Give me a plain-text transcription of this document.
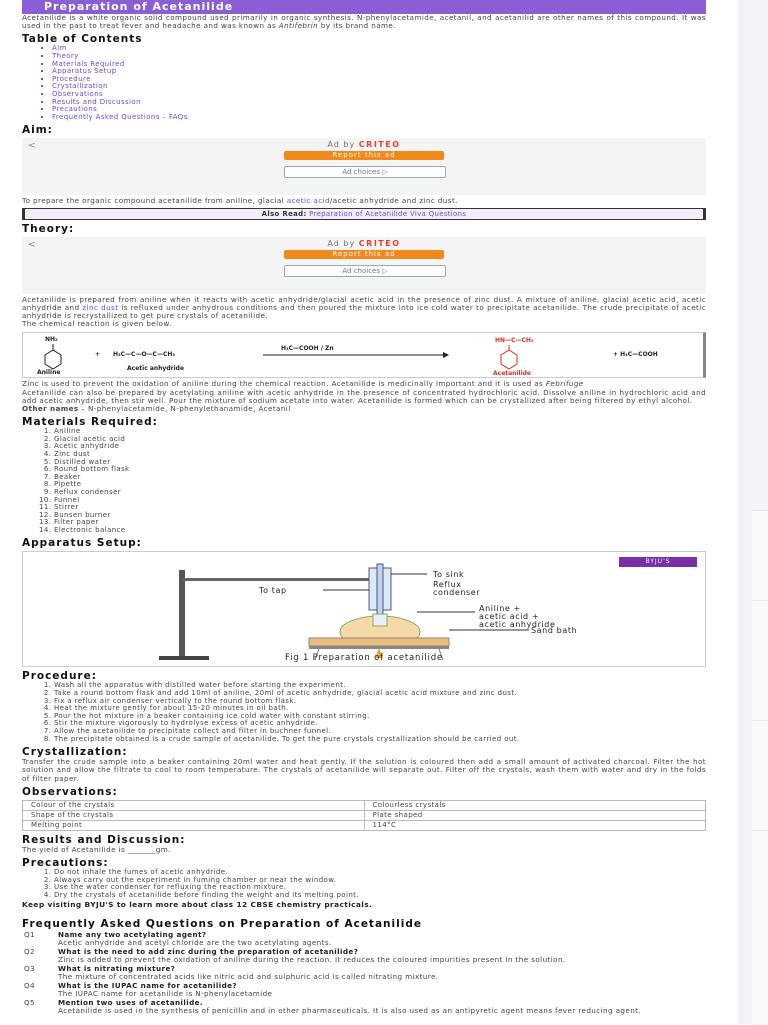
Preparation of Acetanilide

Acetanilide is a white organic solid compound used primarily in organic synthesis. N-phenylacetamide, acetanil, and acetanilid are other names of this compound. It was used in the past to treat fever and headache and was known as Antifebrin by its brand name.

Table of Contents
▪ Aim
▪ Theory
▪ Materials Required
▪ Apparatus Setup
▪ Procedure
▪ Crystallization
▪ Observations
▪ Results and Discussion
▪ Precautions
▪ Frequently Asked Questions – FAQs
Aim:
<	Ad by CRITEO
Report this ad
Ad choices ▷

To prepare the organic compound acetanilide from aniline, glacial acetic acid/acetic anhydride and zinc dust.

Also Read: Preparation of Acetanilide Viva Questions
Theory:
<	Ad by CRITEO
Report this ad
Ad choices ▷

Acetanilide is prepared from aniline when it reacts with acetic anhydride/glacial acetic acid in the presence of zinc dust. A mixture of aniline, glacial acetic acid, acetic anhydride and zinc dust is refluxed under anhydrous conditions and then poured the mixture into ice cold water to precipitate acetanilide. The crude precipitate of acetic anhydride is recrystallized to get pure crystals of acetanilide.

The chemical reaction is given below.

NH₂
Aniline
+ H₃C—C—O—C—CH₃
Acetic anhydride
H₃C—COOH / Zn
HN—C—CH₃
Acetanilide
+ H₃C—COOH

Zinc is used to prevent the oxidation of aniline during the chemical reaction. Acetanilide is medicinally important and it is used as Febrifuge

Acetanilide can also be prepared by acetylating aniline with acetic anhydride in the presence of concentrated hydrochloric acid. Dissolve aniline in hydrochloric acid and add acetic anhydride, then stir well. Pour the mixture of sodium acetate into water. Acetanilide is formed which can be crystallized after being filtered by ethyl alcohol.

Other names – N-phenylacetamide, N-phenylethanamide, Acetanil

Materials Required:
1. Aniline
2. Glacial acetic acid
3. Acetic anhydride
4. Zinc dust
5. Distilled water
6. Round bottom flask
7. Beaker
8. Pipette
9. Reflux condenser
10. Funnel
11. Stirrer
12. Bunsen burner
13. Filter paper
14. Electronic balance
Apparatus Setup:
BYJU'S
To sink
To tap
Reflux
condenser
Aniline +
acetic acid +
acetic anhydride
Sand bath
Fig 1 Preparation of acetanilide
Procedure:
1. Wash all the apparatus with distilled water before starting the experiment.
2. Take a round bottom flask and add 10ml of aniline, 20ml of acetic anhydride, glacial acetic acid mixture and zinc dust.
3. Fix a reflux air condenser vertically to the round bottom flask.
4. Heat the mixture gently for about 15-20 minutes in oil bath.
5. Pour the hot mixture in a beaker containing ice cold water with constant stirring.
6. Stir the mixture vigorously to hydrolyse excess of acetic anhydride.
7. Allow the acetanilide to precipitate collect and filter in buchner funnel.
8. The precipitate obtained is a crude sample of acetanilide. To get the pure crystals crystallization should be carried out.
Crystallization:

Transfer the crude sample into a beaker containing 20ml water and heat gently. If the solution is coloured then add a small amount of activated charcoal. Filter the hot solution and allow the filtrate to cool to room temperature. The crystals of acetanilide will separate out. Filter off the crystals, wash them with water and dry in the folds of filter paper.

Observations:
Colour of the crystals	Colourless crystals
Shape of the crystals	Plate shaped
Melting point	114°C
Results and Discussion:

The yield of Acetanilide is _______gm.

Precautions:
1. Do not inhale the fumes of acetic anhydride.
2. Always carry out the experiment in fuming chamber or near the window.
3. Use the water condenser for refluxing the reaction mixture.
4. Dry the crystals of acetanilide before finding the weight and its melting point.

Keep visiting BYJU'S to learn more about class 12 CBSE chemistry practicals.

Frequently Asked Questions on Preparation of Acetanilide
Q1	Name any two acetylating agent?
Acetic anhydride and acetyl chloride are the two acetylating agents.
Q2	What is the need to add zinc during the preparation of acetanilide?
Zinc is added to prevent the oxidation of aniline during the reaction. It reduces the coloured impurities present in the solution.
Q3	What is nitrating mixture?
The mixture of concentrated acids like nitric acid and sulphuric acid is called nitrating mixture.
Q4	What is the IUPAC name for acetanilide?
The IUPAC name for acetanilide is N-phenylacetamide
Q5	Mention two uses of acetanilide.
Acetanilide is used in the synthesis of penicillin and in other pharmaceuticals. It is also used as an antipyretic agent means fever reducing agent.
